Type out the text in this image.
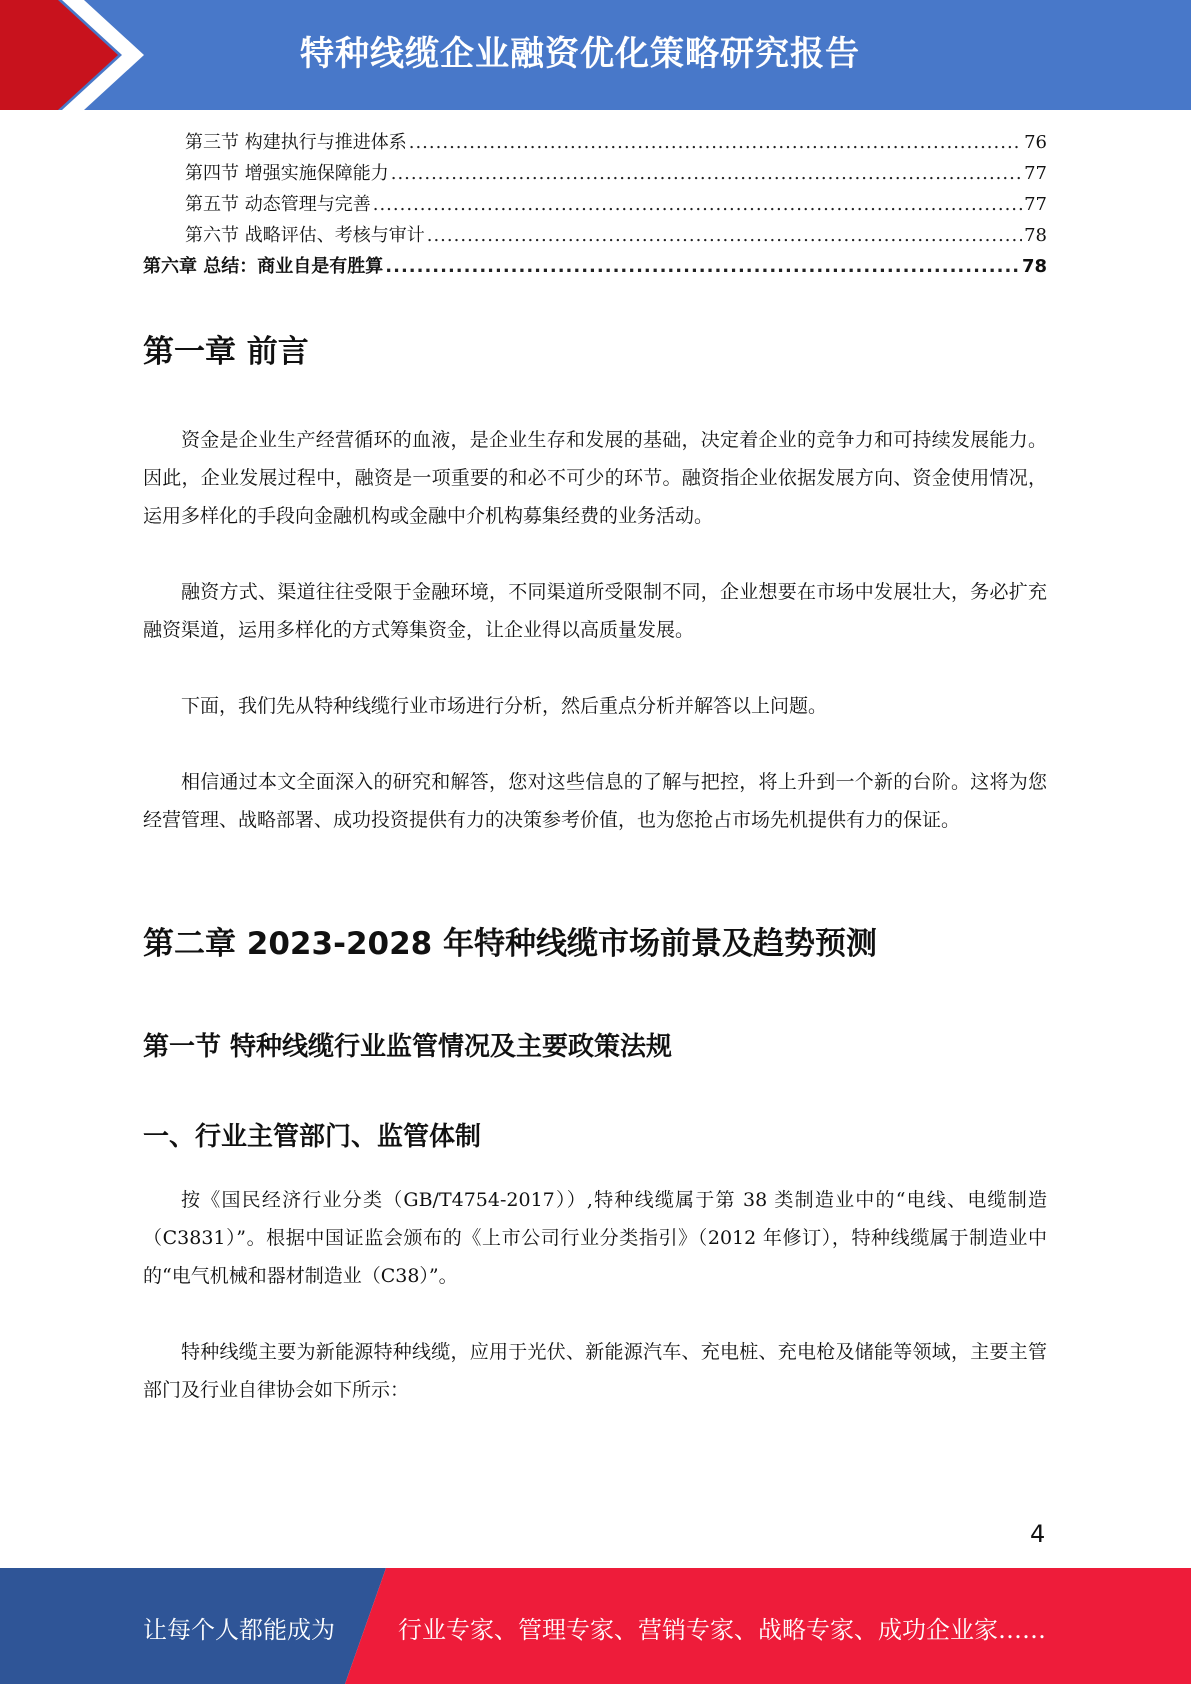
特种线缆企业融资优化策略研究报告
第三节 构建执行与推进体系 .....	76
第四节 增强实施保障能力 .....	77
第五节 动态管理与完善 .....	77
第六节 战略评估、考核与审计 .....	78
第六章 总结：商业自是有胜算 .....	78
第一章 前言

资金是企业生产经营循环的血液，是企业生存和发展的基础，决定着企业的竞争力和可持续发展能力。因此，企业发展过程中，融资是一项重要的和必不可少的环节。融资指企业依据发展方向、资金使用情况，运用多样化的手段向金融机构或金融中介机构募集经费的业务活动。

融资方式、渠道往往受限于金融环境，不同渠道所受限制不同，企业想要在市场中发展壮大，务必扩充融资渠道，运用多样化的方式筹集资金，让企业得以高质量发展。

下面，我们先从特种线缆行业市场进行分析，然后重点分析并解答以上问题。

相信通过本文全面深入的研究和解答，您对这些信息的了解与把控，将上升到一个新的台阶。这将为您经营管理、战略部署、成功投资提供有力的决策参考价值，也为您抢占市场先机提供有力的保证。

第二章 2023-2028 年特种线缆市场前景及趋势预测
第一节 特种线缆行业监管情况及主要政策法规
一、行业主管部门、监管体制

按《国民经济行业分类（GB/T4754-2017））,特种线缆属于第 38 类制造业中的“电线、电缆制造（C3831）”。根据中国证监会颁布的《上市公司行业分类指引》（2012 年修订），特种线缆属于制造业中的“电气机械和器材制造业（C38）”。

特种线缆主要为新能源特种线缆，应用于光伏、新能源汽车、充电桩、充电枪及储能等领域，主要主管部门及行业自律协会如下所示：

4
让每个人都能成为	行业专家、管理专家、营销专家、战略专家、成功企业家……
